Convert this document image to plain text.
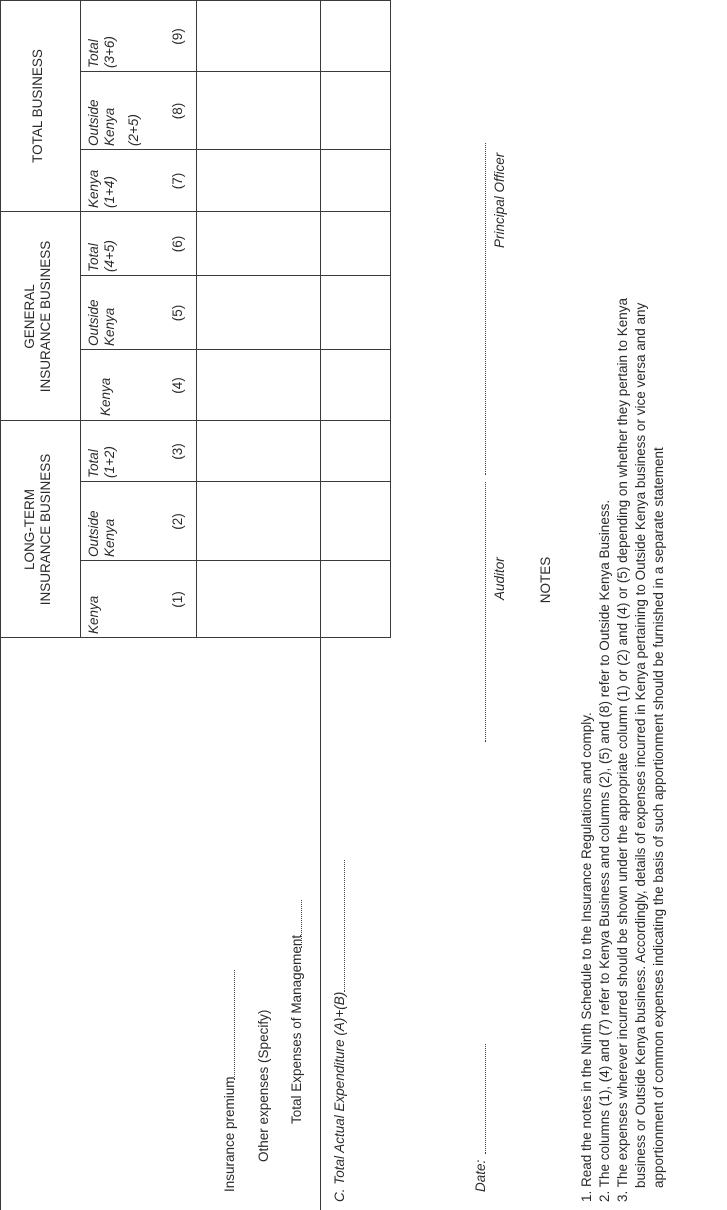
LONG-TERM INSURANCE BUSINESS
GENERAL INSURANCE BUSINESS
TOTAL BUSINESS
Kenya
Outside Kenya
Total (1+2)
Kenya
Outside Kenya
Total (4+5)
Kenya (1+4)
Outside Kenya (2+5)
Total (3+6)
(1)
(2)
(3)
(4)
(5)
(6)
(7)
(8)
(9)
Insurance premium Other expenses (Specify) Total Expenses of Management C. Total Actual Expenditure (A)+(B)	Date:
Auditor
Principal Officer
NOTES
1. Read the notes in the Ninth Schedule to the Insurance Regulations and comply. 2. The columns (1), (4) and (7) refer to Kenya Business and columns (2), (5) and (8) refer to Outside Kenya Business. 3. The expenses wherever incurred should be shown under the appropriate column (1) or (2) and (4) or (5) depending on whether they pertain to Kenya business or Outside Kenya business. Accordingly, details of expenses incurred in Kenya pertaining to Outside Kenya business or vice versa and any apportionment of common expenses indicating the basis of such apportionment should be furnished in a separate statement
